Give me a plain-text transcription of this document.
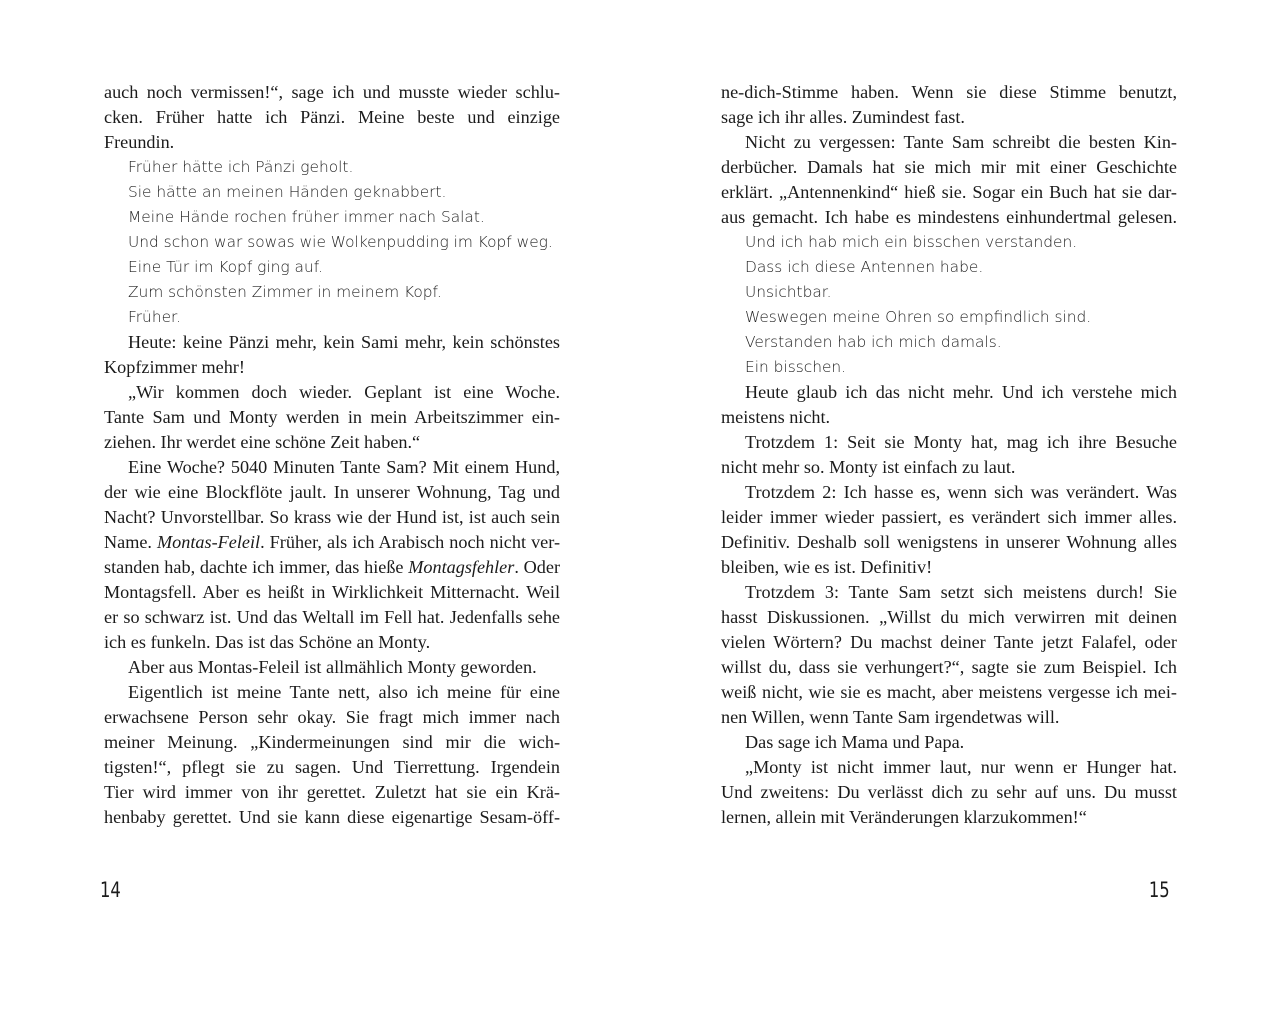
auch noch vermissen!“, sage ich und musste wieder schlu-
cken. Früher hatte ich Pänzi. Meine beste und einzige
Freundin.
Früher hätte ich Pänzi geholt.
Sie hätte an meinen Händen geknabbert.
Meine Hände rochen früher immer nach Salat.
Und schon war sowas wie Wolkenpudding im Kopf weg.
Eine Tür im Kopf ging auf.
Zum schönsten Zimmer in meinem Kopf.
Früher.
Heute: keine Pänzi mehr, kein Sami mehr, kein schönstes
Kopfzimmer mehr!
„Wir kommen doch wieder. Geplant ist eine Woche.
Tante Sam und Monty werden in mein Arbeitszimmer ein-
ziehen. Ihr werdet eine schöne Zeit haben.“
Eine Woche? 5040 Minuten Tante Sam? Mit einem Hund,
der wie eine Blockflöte jault. In unserer Wohnung, Tag und
Nacht? Unvorstellbar. So krass wie der Hund ist, ist auch sein
Name. Montas-Feleil. Früher, als ich Arabisch noch nicht ver-
standen hab, dachte ich immer, das hieße Montagsfehler. Oder
Montagsfell. Aber es heißt in Wirklichkeit Mitternacht. Weil
er so schwarz ist. Und das Weltall im Fell hat. Jedenfalls sehe
ich es funkeln. Das ist das Schöne an Monty.
Aber aus Montas-Feleil ist allmählich Monty geworden.
Eigentlich ist meine Tante nett, also ich meine für eine
erwachsene Person sehr okay. Sie fragt mich immer nach
meiner Meinung. „Kindermeinungen sind mir die wich-
tigsten!“, pflegt sie zu sagen. Und Tierrettung. Irgendein
Tier wird immer von ihr gerettet. Zuletzt hat sie ein Krä-
henbaby gerettet. Und sie kann diese eigenartige Sesam-öff-
14
ne-dich-Stimme haben. Wenn sie diese Stimme benutzt,
sage ich ihr alles. Zumindest fast.
Nicht zu vergessen: Tante Sam schreibt die besten Kin-
derbücher. Damals hat sie mich mir mit einer Geschichte
erklärt. „Antennenkind“ hieß sie. Sogar ein Buch hat sie dar-
aus gemacht. Ich habe es mindestens einhundertmal gelesen.
Und ich hab mich ein bisschen verstanden.
Dass ich diese Antennen habe.
Unsichtbar.
Weswegen meine Ohren so empfindlich sind.
Verstanden hab ich mich damals.
Ein bisschen.
Heute glaub ich das nicht mehr. Und ich verstehe mich
meistens nicht.
Trotzdem 1: Seit sie Monty hat, mag ich ihre Besuche
nicht mehr so. Monty ist einfach zu laut.
Trotzdem 2: Ich hasse es, wenn sich was verändert. Was
leider immer wieder passiert, es verändert sich immer alles.
Definitiv. Deshalb soll wenigstens in unserer Wohnung alles
bleiben, wie es ist. Definitiv!
Trotzdem 3: Tante Sam setzt sich meistens durch! Sie
hasst Diskussionen. „Willst du mich verwirren mit deinen
vielen Wörtern? Du machst deiner Tante jetzt Falafel, oder
willst du, dass sie verhungert?“, sagte sie zum Beispiel. Ich
weiß nicht, wie sie es macht, aber meistens vergesse ich mei-
nen Willen, wenn Tante Sam irgendetwas will.
Das sage ich Mama und Papa.
„Monty ist nicht immer laut, nur wenn er Hunger hat.
Und zweitens: Du verlässt dich zu sehr auf uns. Du musst
lernen, allein mit Veränderungen klarzukommen!“
15
